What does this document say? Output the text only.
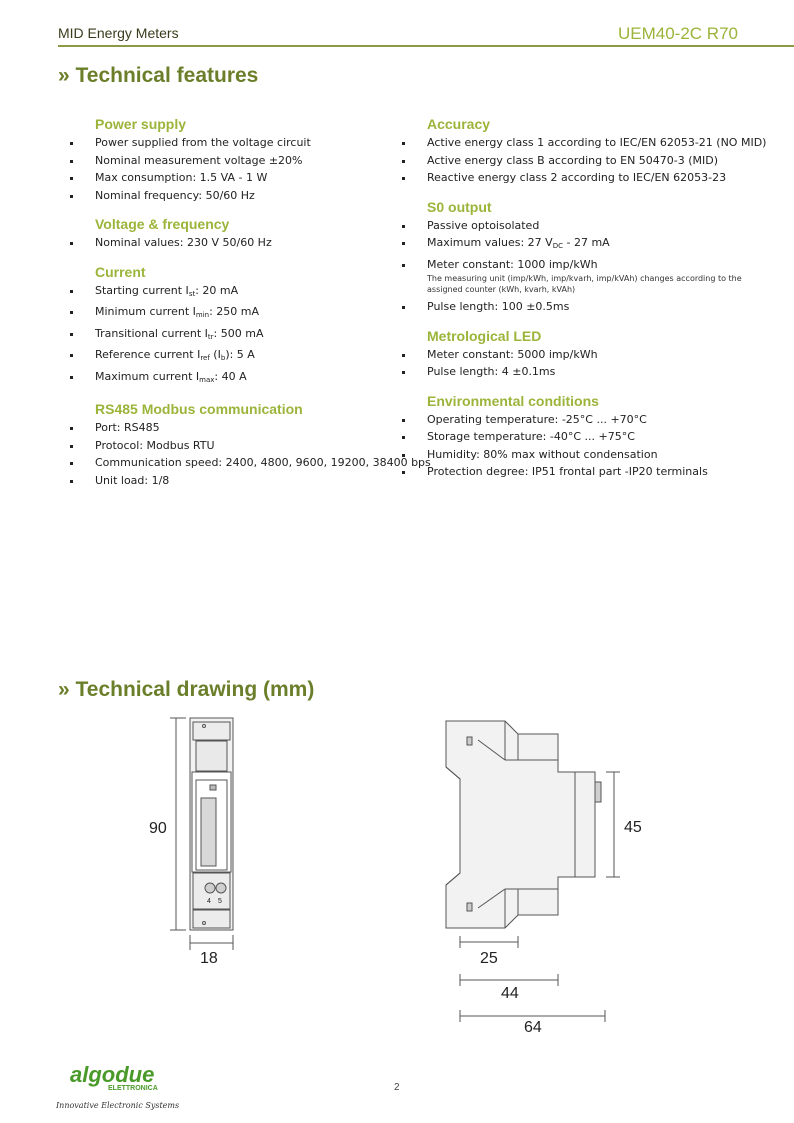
MID Energy Meters	UEM40-2C R70
» Technical features
Power supply
Power supplied from the voltage circuit
Nominal measurement voltage ±20%
Max consumption: 1.5 VA - 1 W
Nominal frequency: 50/60 Hz
Voltage & frequency
Nominal values: 230 V 50/60 Hz
Current
Starting current $I_{st}$: 20 mA
Minimum current $I_{min}$: 250 mA
Transitional current $I_{tr}$: 500 mA
Reference current $I_{ref}$ $(I_b)$: 5 A
Maximum current $I_{max}$: 40 A
RS485 Modbus communication
Port: RS485
Protocol: Modbus RTU
Communication speed: 2400, 4800, 9600, 19200, 38400 bps
Unit load: 1/8
Accuracy
Active energy class 1 according to IEC/EN 62053-21 (NO MID)
Active energy class B according to EN 50470-3 (MID)
Reactive energy class 2 according to IEC/EN 62053-23
S0 output
Passive optoisolated
Maximum values: 27 $V_{DC} - 27$ mA
Meter constant: 1000 imp/kWh
The measuring unit (imp/kWh, imp/kvarh, imp/kVAh) changes according to the assigned counter (kWh, kvarh, kVAh)
Pulse length: 100 ±0.5ms
Metrological LED
Meter constant: 5000 imp/kWh
Pulse length: 4 ±0.1ms
Environmental conditions
Operating temperature: -25°C ... +70°C
Storage temperature: -40°C ... +75°C
Humidity: 80% max without condensation
Protection degree: IP51 frontal part -IP20 terminals
» Technical drawing (mm)
90
18
45
25
44
64
4 5
algodue
ELETTRONICA
Innovative Electronic Systems
2
